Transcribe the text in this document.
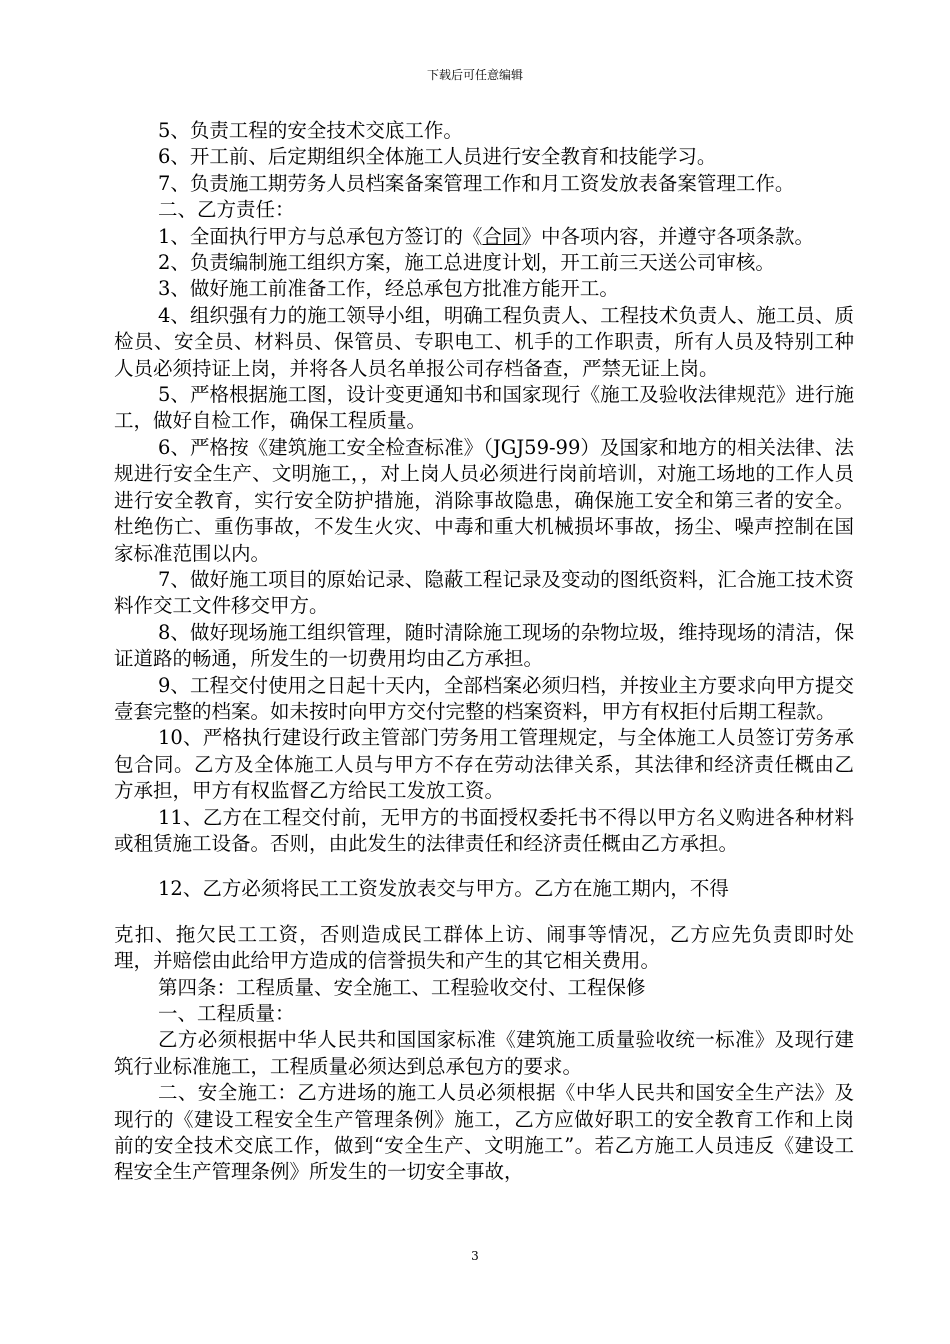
下载后可任意编辑

5、负责工程的安全技术交底工作。

6、开工前、后定期组织全体施工人员进行安全教育和技能学习。

7、负责施工期劳务人员档案备案管理工作和月工资发放表备案管理工作。

二、乙方责任：

1、全面执行甲方与总承包方签订的《合同》中各项内容，并遵守各项条款。

2、负责编制施工组织方案，施工总进度计划，开工前三天送公司审核。

3、做好施工前准备工作，经总承包方批准方能开工。

4、组织强有力的施工领导小组，明确工程负责人、工程技术负责人、施工员、质检员、安全员、材料员、保管员、专职电工、机手的工作职责，所有人员及特别工种人员必须持证上岗，并将各人员名单报公司存档备查，严禁无证上岗。

5、严格根据施工图，设计变更通知书和国家现行《施工及验收法律规范》进行施工，做好自检工作，确保工程质量。

6、严格按《建筑施工安全检查标准》（JGJ59-99）及国家和地方的相关法律、法规进行安全生产、文明施工，，对上岗人员必须进行岗前培训，对施工场地的工作人员进行安全教育，实行安全防护措施，消除事故隐患，确保施工安全和第三者的安全。杜绝伤亡、重伤事故，不发生火灾、中毒和重大机械损坏事故，扬尘、噪声控制在国家标准范围以内。

7、做好施工项目的原始记录、隐蔽工程记录及变动的图纸资料，汇合施工技术资料作交工文件移交甲方。

8、做好现场施工组织管理，随时清除施工现场的杂物垃圾，维持现场的清洁，保证道路的畅通，所发生的一切费用均由乙方承担。

9、工程交付使用之日起十天内，全部档案必须归档，并按业主方要求向甲方提交壹套完整的档案。如未按时向甲方交付完整的档案资料，甲方有权拒付后期工程款。

10、严格执行建设行政主管部门劳务用工管理规定，与全体施工人员签订劳务承包合同。乙方及全体施工人员与甲方不存在劳动法律关系，其法律和经济责任概由乙方承担，甲方有权监督乙方给民工发放工资。

11、乙方在工程交付前，无甲方的书面授权委托书不得以甲方名义购进各种材料或租赁施工设备。否则，由此发生的法律责任和经济责任概由乙方承担。

12、乙方必须将民工工资发放表交与甲方。乙方在施工期内，不得

克扣、拖欠民工工资，否则造成民工群体上访、闹事等情况，乙方应先负责即时处理，并赔偿由此给甲方造成的信誉损失和产生的其它相关费用。

第四条：工程质量、安全施工、工程验收交付、工程保修

一、工程质量：

乙方必须根据中华人民共和国国家标准《建筑施工质量验收统一标准》及现行建筑行业标准施工，工程质量必须达到总承包方的要求。

二、安全施工：乙方进场的施工人员必须根据《中华人民共和国安全生产法》及现行的《建设工程安全生产管理条例》施工，乙方应做好职工的安全教育工作和上岗前的安全技术交底工作，做到“安全生产、文明施工”。若乙方施工人员违反《建设工程安全生产管理条例》所发生的一切安全事故，

3
